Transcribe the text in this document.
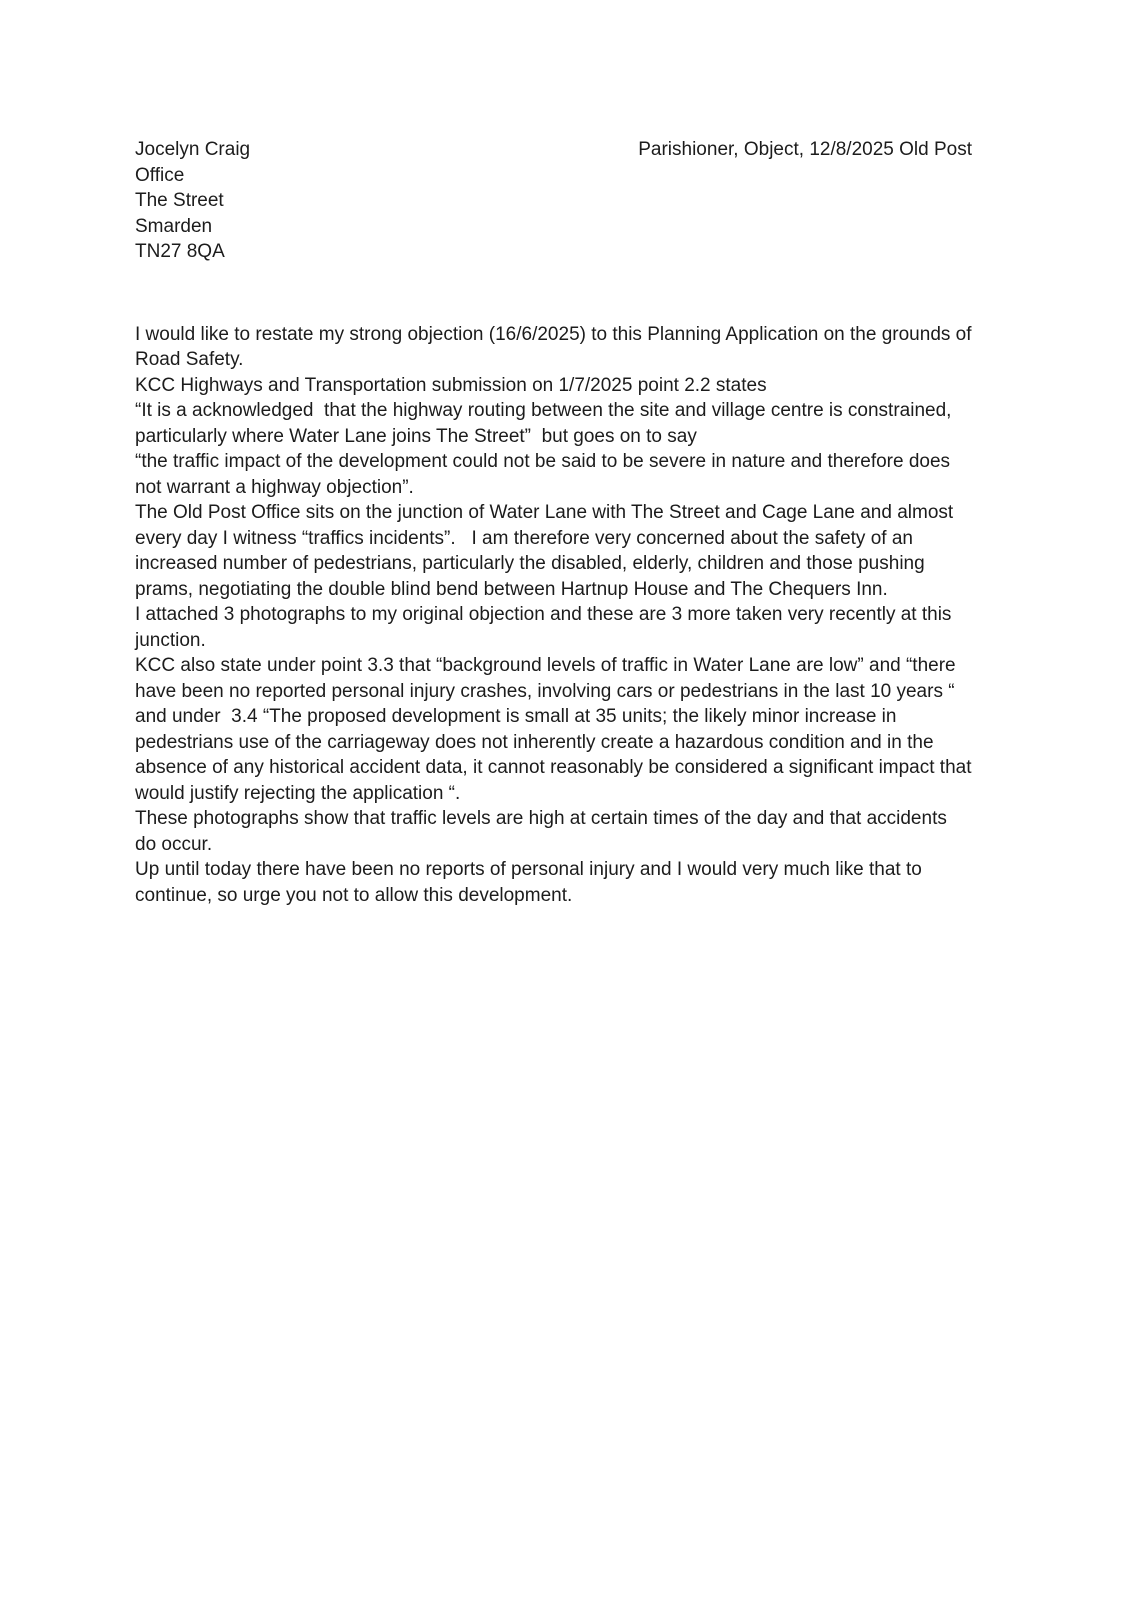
Jocelyn Craig
Office
The Street
Smarden
TN27 8QA
Parishioner, Object, 12/8/2025 Old Post

I would like to restate my strong objection (16/6/2025) to this Planning Application on the grounds of Road Safety.

KCC Highways and Transportation submission on 1/7/2025 point 2.2 states

“It is a acknowledged  that the highway routing between the site and village centre is constrained, particularly where Water Lane joins The Street”  but goes on to say

“the traffic impact of the development could not be said to be severe in nature and therefore does not warrant a highway objection”.

The Old Post Office sits on the junction of Water Lane with The Street and Cage Lane and almost every day I witness “traffics incidents”.   I am therefore very concerned about the safety of an increased number of pedestrians, particularly the disabled, elderly, children and those pushing prams, negotiating the double blind bend between Hartnup House and The Chequers Inn.

I attached 3 photographs to my original objection and these are 3 more taken very recently at this junction.

KCC also state under point 3.3 that “background levels of traffic in Water Lane are low” and “there have been no reported personal injury crashes, involving cars or pedestrians in the last 10 years “ and under  3.4 “The proposed development is small at 35 units; the likely minor increase in pedestrians use of the carriageway does not inherently create a hazardous condition and in the absence of any historical accident data, it cannot reasonably be considered a significant impact that would justify rejecting the application “.

These photographs show that traffic levels are high at certain times of the day and that accidents do occur.

Up until today there have been no reports of personal injury and I would very much like that to continue, so urge you not to allow this development.
